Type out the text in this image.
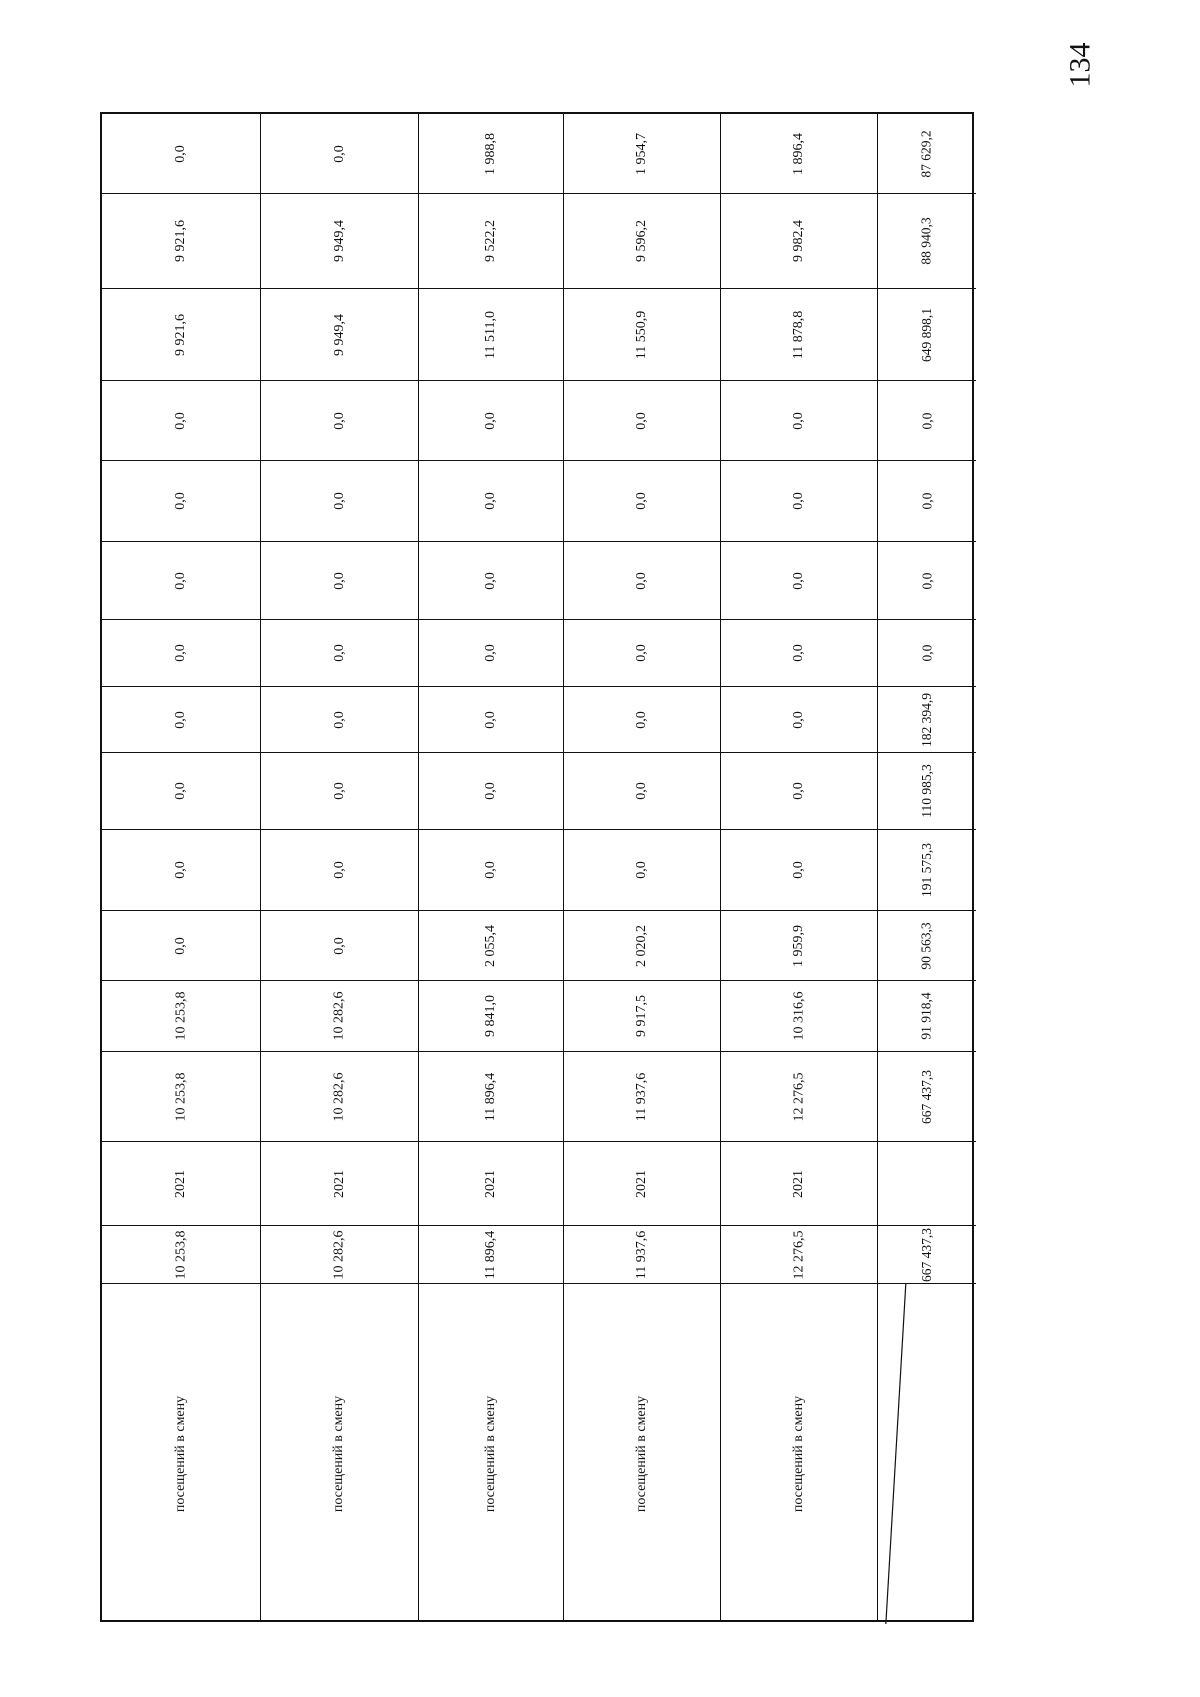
134
0,0
9 921,6
9 921,6
0,0
0,0
0,0
0,0
0,0
0,0
0,0
0,0
10 253,8
10 253,8
2021
10 253,8
посещений в смену
0,0
9 949,4
9 949,4
0,0
0,0
0,0
0,0
0,0
0,0
0,0
0,0
10 282,6
10 282,6
2021
10 282,6
посещений в смену
1 988,8
9 522,2
11 511,0
0,0
0,0
0,0
0,0
0,0
0,0
0,0
2 055,4
9 841,0
11 896,4
2021
11 896,4
посещений в смену
1 954,7
9 596,2
11 550,9
0,0
0,0
0,0
0,0
0,0
0,0
0,0
2 020,2
9 917,5
11 937,6
2021
11 937,6
посещений в смену
1 896,4
9 982,4
11 878,8
0,0
0,0
0,0
0,0
0,0
0,0
0,0
1 959,9
10 316,6
12 276,5
2021
12 276,5
посещений в смену
87 629,2
88 940,3
649 898,1
0,0
0,0
0,0
0,0
182 394,9
110 985,3
191 575,3
90 563,3
91 918,4
667 437,3
667 437,3
